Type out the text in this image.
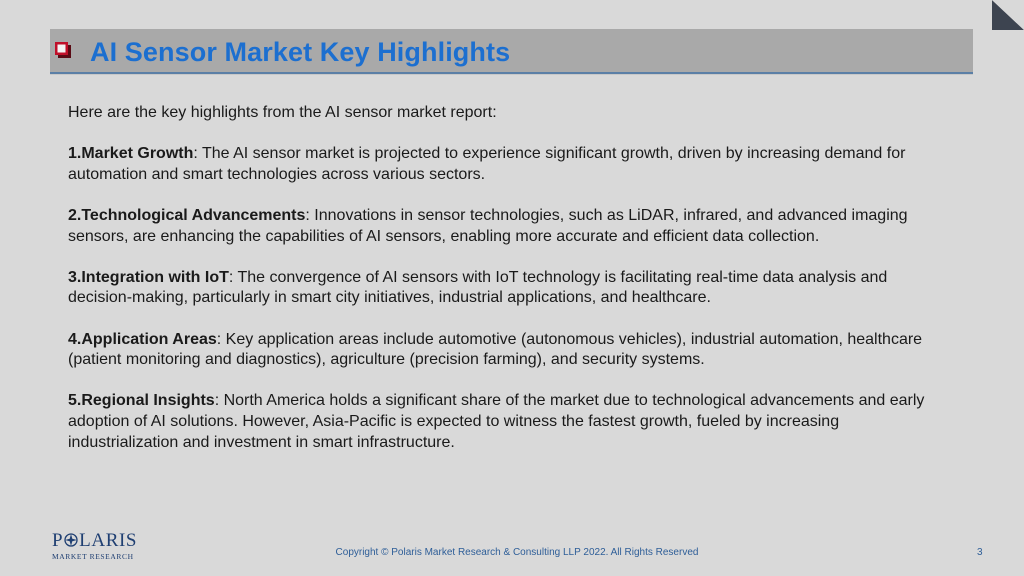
AI Sensor Market Key Highlights

Here are the key highlights from the AI sensor market report:

1.Market Growth: The AI sensor market is projected to experience significant growth, driven by increasing demand for automation and smart technologies across various sectors.

2.Technological Advancements: Innovations in sensor technologies, such as LiDAR, infrared, and advanced imaging sensors, are enhancing the capabilities of AI sensors, enabling more accurate and efficient data collection.

3.Integration with IoT: The convergence of AI sensors with IoT technology is facilitating real-time data analysis and decision-making, particularly in smart city initiatives, industrial applications, and healthcare.

4.Application Areas: Key application areas include automotive (autonomous vehicles), industrial automation, healthcare (patient monitoring and diagnostics), agriculture (precision farming), and security systems.

5.Regional Insights: North America holds a significant share of the market due to technological advancements and early adoption of AI solutions. However, Asia-Pacific is expected to witness the fastest growth, fueled by increasing industrialization and investment in smart infrastructure.

P LARIS
MARKET RESEARCH	Copyright © Polaris Market Research & Consulting LLP 2022. All Rights Reserved	3
